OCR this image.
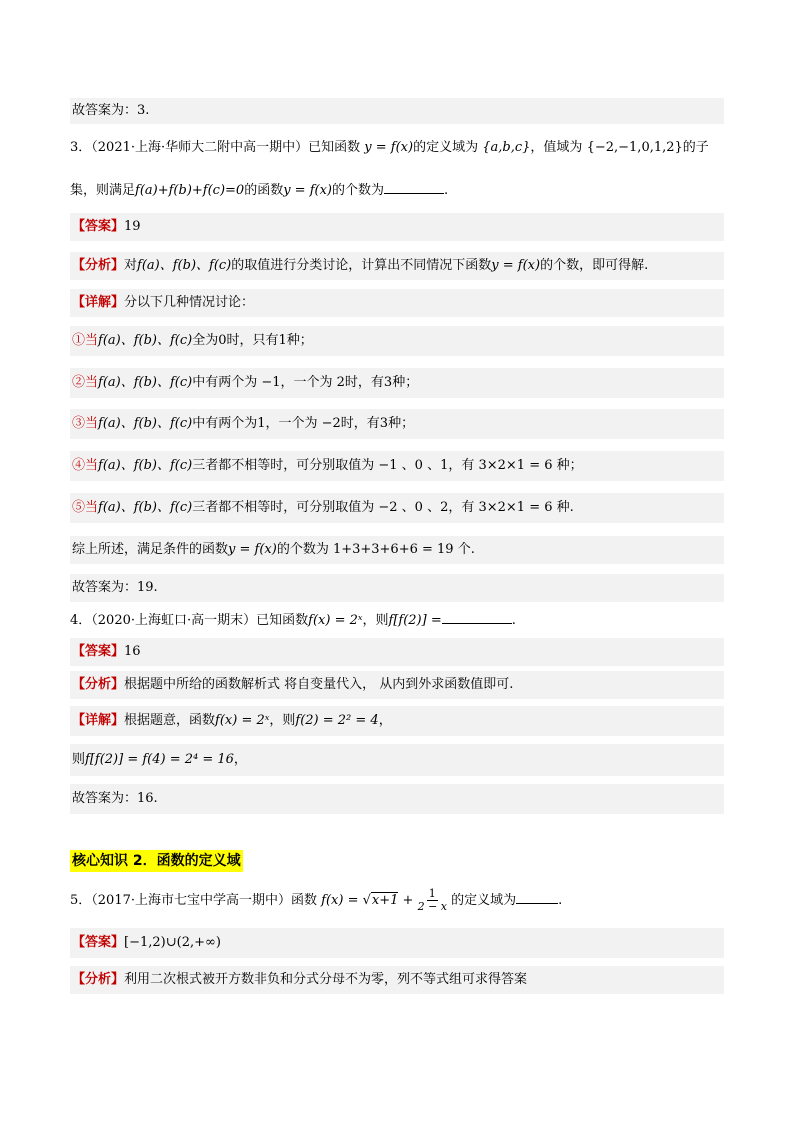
故答案为：3.
3．（2021·上海·华师大二附中高一期中）已知函数 y = f(x)的定义域为 {a,b,c}，值域为 {−2,−1,0,1,2}的子
集，则满足f(a)+f(b)+f(c)=0的函数y = f(x)的个数为	.
【答案】19
【分析】对f(a)、f(b)、f(c)的取值进行分类讨论，计算出不同情况下函数y = f(x)的个数，即可得解.
【详解】分以下几种情况讨论：
①当f(a)、f(b)、f(c)全为0时，只有1种；
②当f(a)、f(b)、f(c)中有两个为 −1，一个为 2时，有3种；
③当f(a)、f(b)、f(c)中有两个为1，一个为 −2时，有3种；
④当f(a)、f(b)、f(c)三者都不相等时，可分别取值为 −1 、0 、1，有 3×2×1 = 6 种；
⑤当f(a)、f(b)、f(c)三者都不相等时，可分别取值为 −2 、0 、2，有 3×2×1 = 6 种.
综上所述，满足条件的函数y = f(x)的个数为 1+3+3+6+6 = 19 个.
故答案为：19.
4．（2020·上海虹口·高一期末）已知函数f(x) = 2ˣ，则f[f(2)] =	.
【答案】16
【分析】根据题中所给的函数解析式 将自变量代入， 从内到外求函数值即可.
【详解】根据题意，函数f(x) = 2ˣ，则f(2) = 2² = 4，
则f[f(2)] = f(4) = 2⁴ = 16，
故答案为：16.
核心知识 2．函数的定义域
5．（2017·上海市七宝中学高一期中）函数 $f(x) = √x+1 + \frac{1}{2 - x}$ 的定义域为	.
【答案】[−1,2)∪(2,+∞)
【分析】利用二次根式被开方数非负和分式分母不为零，列不等式组可求得答案
